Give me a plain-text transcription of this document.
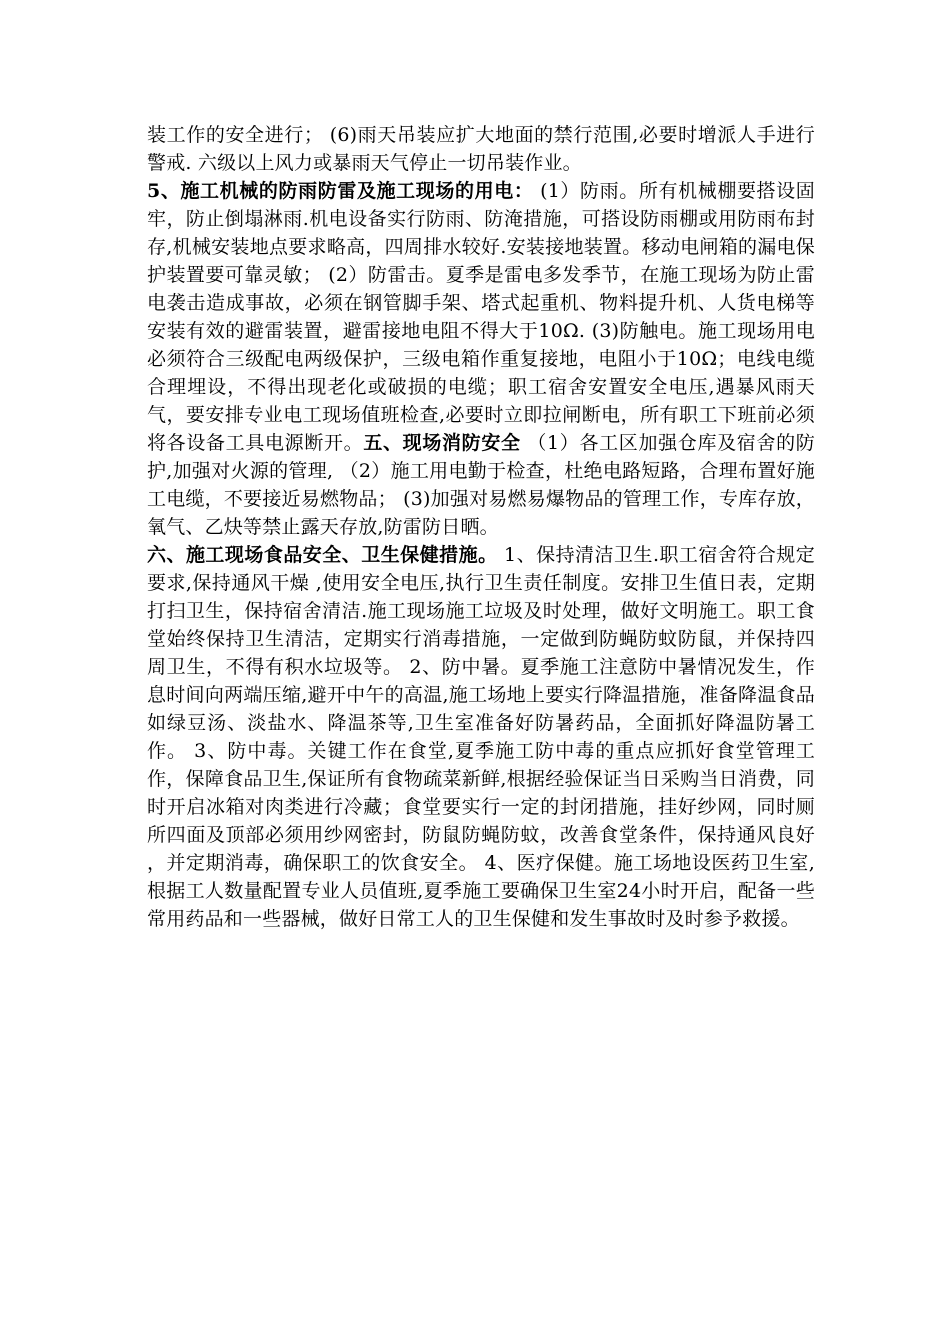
装工作的安全进行； (6)雨天吊装应扩大地面的禁行范围,必要时增派人手进行警戒. 六级以上风力或暴雨天气停止一切吊装作业。

5、施工机械的防雨防雷及施工现场的用电： (1）防雨。所有机械棚要搭设固牢，防止倒塌淋雨.机电设备实行防雨、防淹措施，可搭设防雨棚或用防雨布封存,机械安装地点要求略高，四周排水较好.安装接地装置。移动电闸箱的漏电保护装置要可靠灵敏； (2）防雷击。夏季是雷电多发季节，在施工现场为防止雷电袭击造成事故，必须在钢管脚手架、塔式起重机、物料提升机、人货电梯等安装有效的避雷装置，避雷接地电阻不得大于10Ω. (3)防触电。施工现场用电必须符合三级配电两级保护，三级电箱作重复接地，电阻小于10Ω；电线电缆合理埋设，不得出现老化或破损的电缆；职工宿舍安置安全电压,遇暴风雨天气，要安排专业电工现场值班检查,必要时立即拉闸断电，所有职工下班前必须将各设备工具电源断开。五、现场消防安全 （1）各工区加强仓库及宿舍的防护,加强对火源的管理, （2）施工用电勤于检查，杜绝电路短路，合理布置好施工电缆，不要接近易燃物品； (3)加强对易燃易爆物品的管理工作，专库存放，氧气、乙炔等禁止露天存放,防雷防日晒。

六、施工现场食品安全、卫生保健措施。 1、保持清洁卫生.职工宿舍符合规定要求,保持通风干燥 ,使用安全电压,执行卫生责任制度。安排卫生值日表，定期打扫卫生，保持宿舍清洁.施工现场施工垃圾及时处理，做好文明施工。职工食堂始终保持卫生清洁，定期实行消毒措施，一定做到防蝇防蚊防鼠，并保持四周卫生，不得有积水垃圾等。 2、防中暑。夏季施工注意防中暑情况发生，作息时间向两端压缩,避开中午的高温,施工场地上要实行降温措施，准备降温食品如绿豆汤、淡盐水、降温茶等,卫生室准备好防暑药品，全面抓好降温防暑工作。 3、防中毒。关键工作在食堂,夏季施工防中毒的重点应抓好食堂管理工作，保障食品卫生,保证所有食物疏菜新鲜,根据经验保证当日采购当日消费，同时开启冰箱对肉类进行冷藏；食堂要实行一定的封闭措施，挂好纱网，同时厕所四面及顶部必须用纱网密封，防鼠防蝇防蚊，改善食堂条件，保持通风良好 ，并定期消毒，确保职工的饮食安全。 4、医疗保健。施工场地设医药卫生室,根据工人数量配置专业人员值班,夏季施工要确保卫生室24小时开启，配备一些常用药品和一些器械，做好日常工人的卫生保健和发生事故时及时参予救援。
